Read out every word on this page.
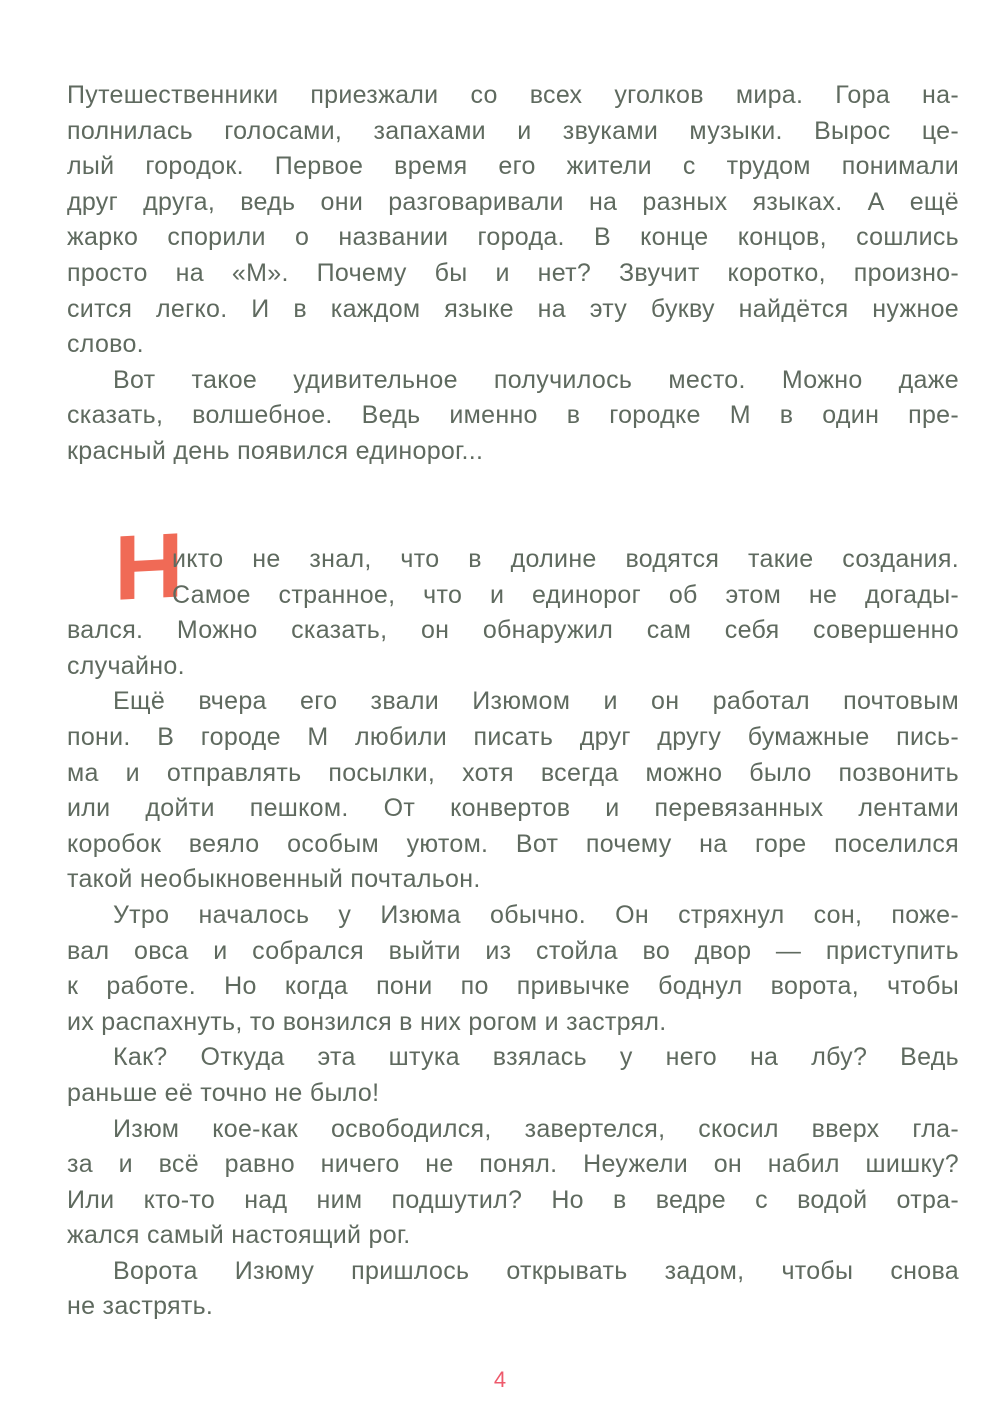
Путешественники приезжали со всех уголков мира. Гора на-
полнилась голосами, запахами и звуками музыки. Вырос це-
лый городок. Первое время его жители с трудом понимали
друг друга, ведь они разговаривали на разных языках. А ещё
жарко спорили о названии города. В конце концов, сошлись
просто на «М». Почему бы и нет? Звучит коротко, произно-
сится легко. И в каждом языке на эту букву найдётся нужное
слово.
Вот такое удивительное получилось место. Можно даже
сказать, волшебное. Ведь именно в городке М в один пре-
красный день появился единорог...
Н
икто не знал, что в долине водятся такие создания.
Самое странное, что и единорог об этом не догады-
вался. Можно сказать, он обнаружил сам себя совершенно
случайно.
Ещё вчера его звали Изюмом и он работал почтовым
пони. В городе М любили писать друг другу бумажные пись-
ма и отправлять посылки, хотя всегда можно было позвонить
или дойти пешком. От конвертов и перевязанных лентами
коробок веяло особым уютом. Вот почему на горе поселился
такой необыкновенный почтальон.
Утро началось у Изюма обычно. Он стряхнул сон, поже-
вал овса и собрался выйти из стойла во двор — приступить
к работе. Но когда пони по привычке боднул ворота, чтобы
их распахнуть, то вонзился в них рогом и застрял.
Как? Откуда эта штука взялась у него на лбу? Ведь
раньше её точно не было!
Изюм кое-как освободился, завертелся, скосил вверх гла-
за и всё равно ничего не понял. Неужели он набил шишку?
Или кто-то над ним подшутил? Но в ведре с водой отра-
жался самый настоящий рог.
Ворота Изюму пришлось открывать задом, чтобы снова
не застрять.
4
